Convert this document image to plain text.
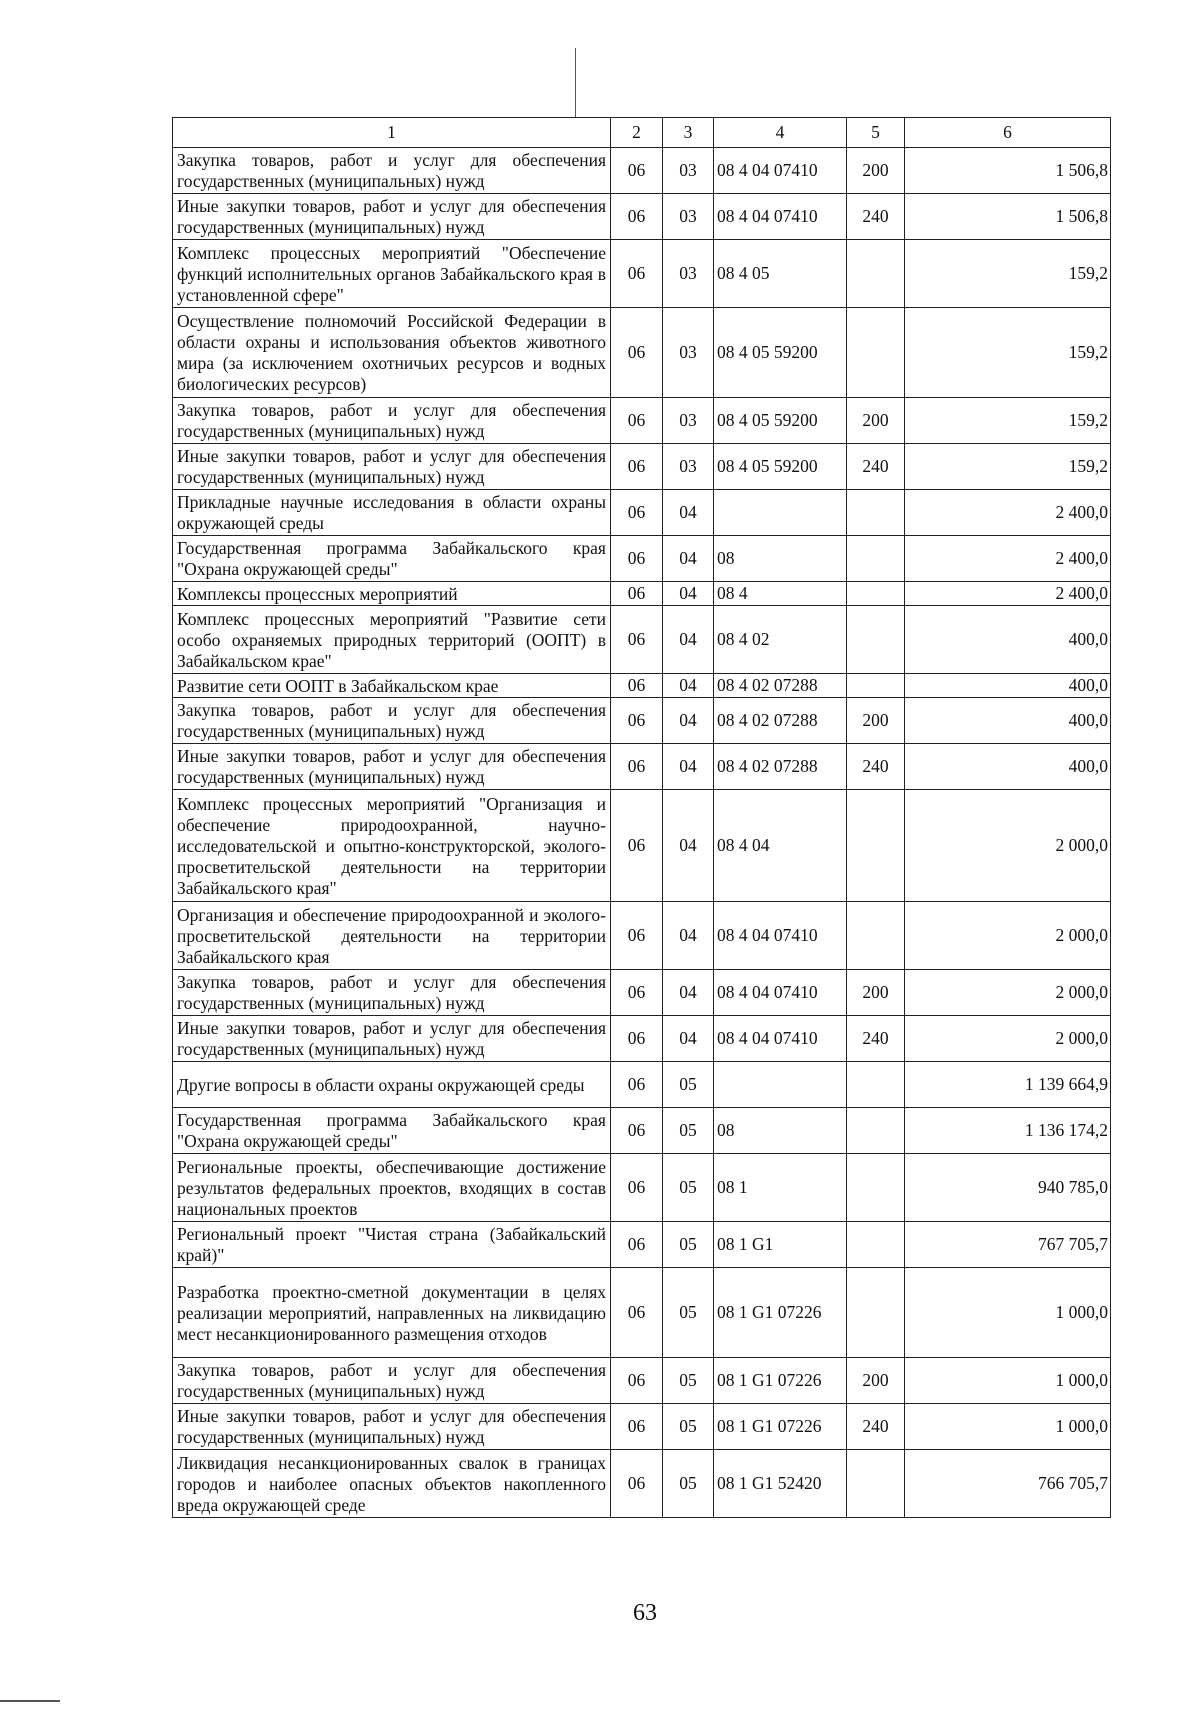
1	2	3	4	5	6
Закупка товаров, работ и услуг для обеспечения государственных (муниципальных) нужд	06	03	08 4 04 07410	200	1 506,8
Иные закупки товаров, работ и услуг для обеспечения государственных (муниципальных) нужд	06	03	08 4 04 07410	240	1 506,8
Комплекс процессных мероприятий "Обеспечение функций исполнительных органов Забайкальского края в установленной сфере"	06	03	08 4 05		159,2
Осуществление полномочий Российской Федерации в области охраны и использования объектов животного мира (за исключением охотничьих ресурсов и водных биологических ресурсов)	06	03	08 4 05 59200		159,2
Закупка товаров, работ и услуг для обеспечения государственных (муниципальных) нужд	06	03	08 4 05 59200	200	159,2
Иные закупки товаров, работ и услуг для обеспечения государственных (муниципальных) нужд	06	03	08 4 05 59200	240	159,2
Прикладные научные исследования в области охраны окружающей среды	06	04			2 400,0
Государственная программа Забайкальского края "Охрана окружающей среды"	06	04	08		2 400,0
Комплексы процессных мероприятий	06	04	08 4		2 400,0
Комплекс процессных мероприятий "Развитие сети особо охраняемых природных территорий (ООПТ) в Забайкальском крае"	06	04	08 4 02		400,0
Развитие сети ООПТ в Забайкальском крае	06	04	08 4 02 07288		400,0
Закупка товаров, работ и услуг для обеспечения государственных (муниципальных) нужд	06	04	08 4 02 07288	200	400,0
Иные закупки товаров, работ и услуг для обеспечения государственных (муниципальных) нужд	06	04	08 4 02 07288	240	400,0
Комплекс процессных мероприятий "Организация и обеспечение природоохранной, научно-исследовательской и опытно-конструкторской, эколого-просветительской деятельности на территории Забайкальского края"	06	04	08 4 04		2 000,0
Организация и обеспечение природоохранной и эколого-просветительской деятельности на территории Забайкальского края	06	04	08 4 04 07410		2 000,0
Закупка товаров, работ и услуг для обеспечения государственных (муниципальных) нужд	06	04	08 4 04 07410	200	2 000,0
Иные закупки товаров, работ и услуг для обеспечения государственных (муниципальных) нужд	06	04	08 4 04 07410	240	2 000,0
Другие вопросы в области охраны окружающей среды	06	05			1 139 664,9
Государственная программа Забайкальского края "Охрана окружающей среды"	06	05	08		1 136 174,2
Региональные проекты, обеспечивающие достижение результатов федеральных проектов, входящих в состав национальных проектов	06	05	08 1		940 785,0
Региональный проект "Чистая страна (Забайкальский край)"	06	05	08 1 G1		767 705,7
Разработка проектно-сметной документации в целях реализации мероприятий, направленных на ликвидацию мест несанкционированного размещения отходов	06	05	08 1 G1 07226		1 000,0
Закупка товаров, работ и услуг для обеспечения государственных (муниципальных) нужд	06	05	08 1 G1 07226	200	1 000,0
Иные закупки товаров, работ и услуг для обеспечения государственных (муниципальных) нужд	06	05	08 1 G1 07226	240	1 000,0
Ликвидация несанкционированных свалок в границах городов и наиболее опасных объектов накопленного вреда окружающей среде	06	05	08 1 G1 52420		766 705,7
63
